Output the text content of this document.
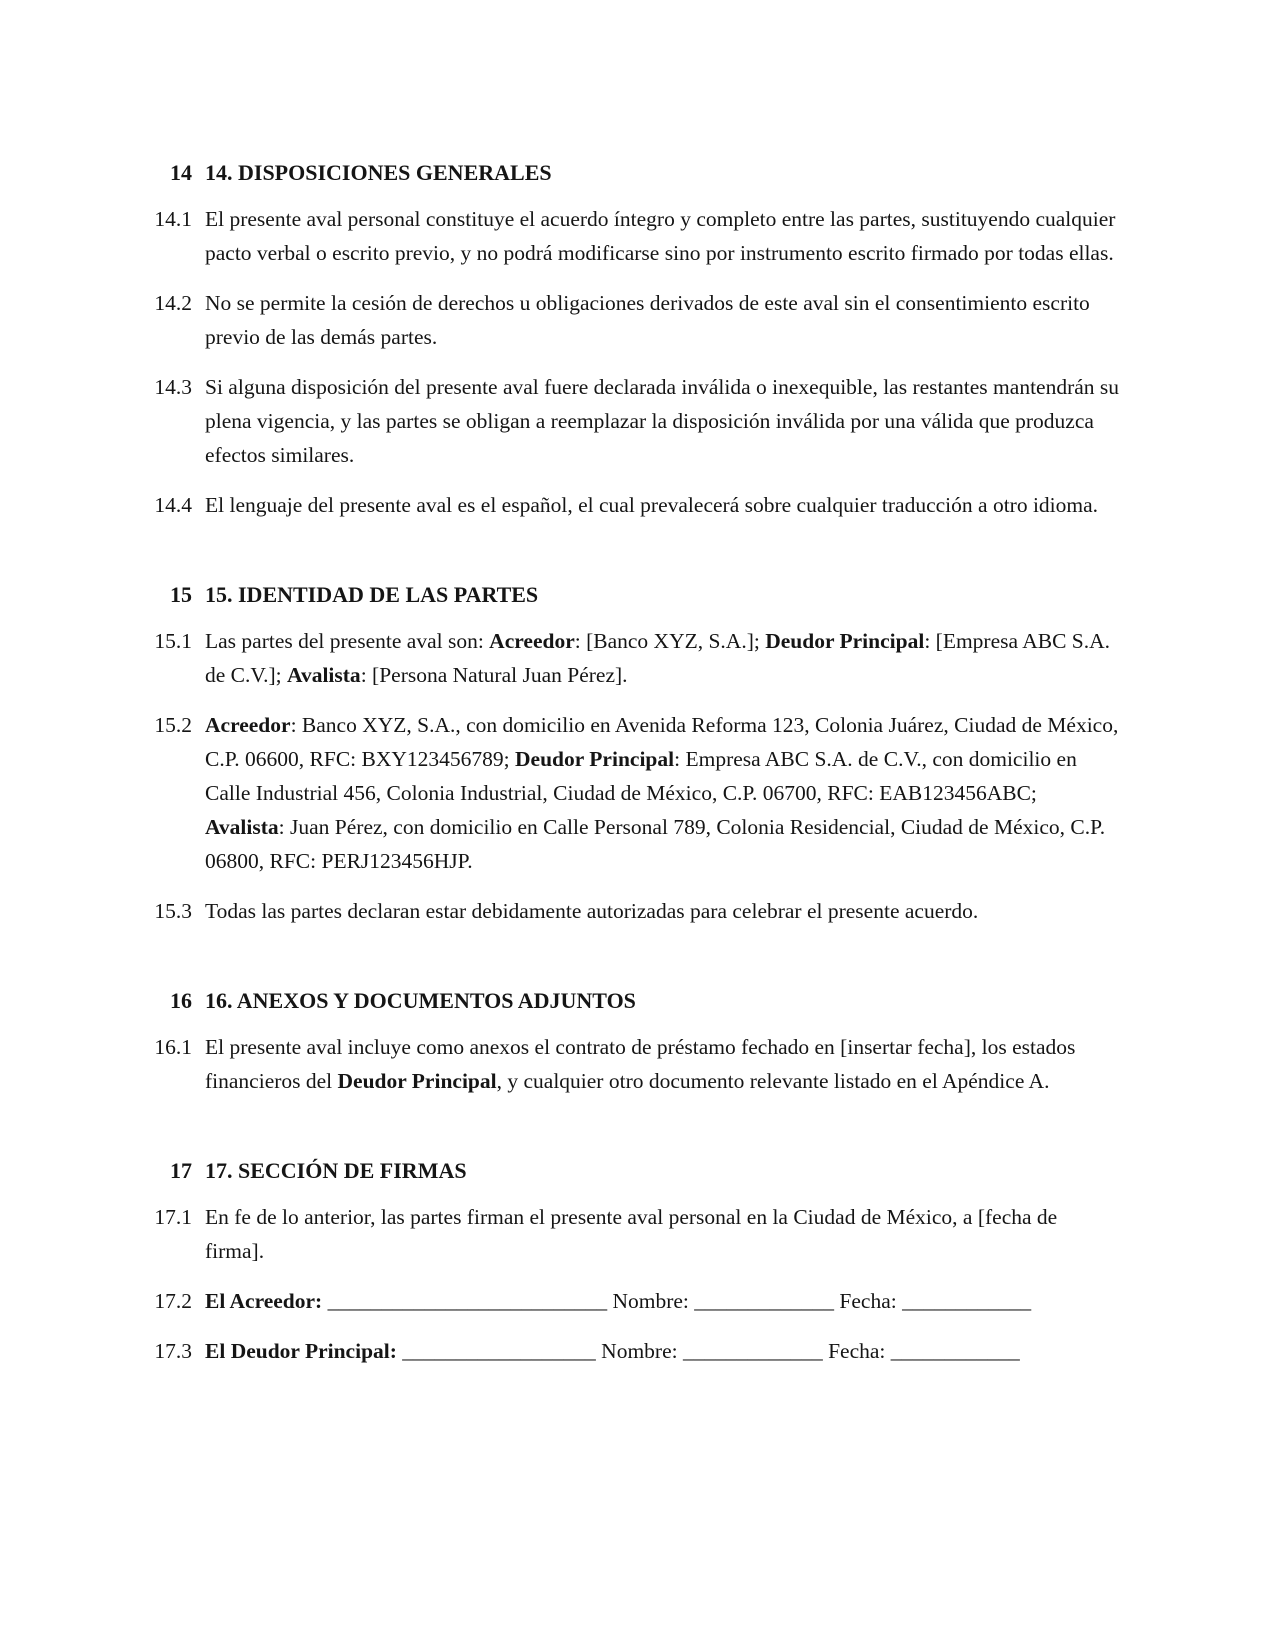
14 14. DISPOSICIONES GENERALES
14.1 El presente aval personal constituye el acuerdo íntegro y completo entre las partes, sustituyendo cualquier pacto verbal o escrito previo, y no podrá modificarse sino por instrumento escrito firmado por todas ellas.
14.2 No se permite la cesión de derechos u obligaciones derivados de este aval sin el consentimiento escrito previo de las demás partes.
14.3 Si alguna disposición del presente aval fuere declarada inválida o inexequible, las restantes mantendrán su plena vigencia, y las partes se obligan a reemplazar la disposición inválida por una válida que produzca efectos similares.
14.4 El lenguaje del presente aval es el español, el cual prevalecerá sobre cualquier traducción a otro idioma.
15 15. IDENTIDAD DE LAS PARTES
15.1 Las partes del presente aval son: Acreedor: [Banco XYZ, S.A.]; Deudor Principal: [Empresa ABC S.A. de C.V.]; Avalista: [Persona Natural Juan Pérez].
15.2 Acreedor: Banco XYZ, S.A., con domicilio en Avenida Reforma 123, Colonia Juárez, Ciudad de México, C.P. 06600, RFC: BXY123456789; Deudor Principal: Empresa ABC S.A. de C.V., con domicilio en Calle Industrial 456, Colonia Industrial, Ciudad de México, C.P. 06700, RFC: EAB123456ABC; Avalista: Juan Pérez, con domicilio en Calle Personal 789, Colonia Residencial, Ciudad de México, C.P. 06800, RFC: PERJ123456HJP.
15.3 Todas las partes declaran estar debidamente autorizadas para celebrar el presente acuerdo.
16 16. ANEXOS Y DOCUMENTOS ADJUNTOS
16.1 El presente aval incluye como anexos el contrato de préstamo fechado en [insertar fecha], los estados financieros del Deudor Principal, y cualquier otro documento relevante listado en el Apéndice A.
17 17. SECCIÓN DE FIRMAS
17.1 En fe de lo anterior, las partes firman el presente aval personal en la Ciudad de México, a [fecha de firma].
17.2 El Acreedor: __________________________ Nombre: _____________ Fecha: ____________
17.3 El Deudor Principal: __________________ Nombre: _____________ Fecha: ____________
